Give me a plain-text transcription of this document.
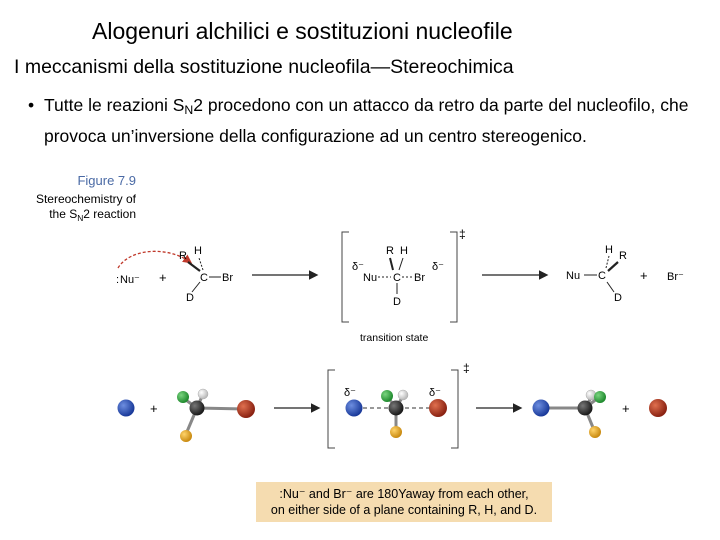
Alogenuri alchilici e sostituzioni nucleofile
I meccanismi della sostituzione nucleofila—Stereochimica
• Tutte le reazioni $S_N2$ procedono con un attacco da retro da parte del nucleofilo, che provoca un’inversione della configurazione ad un centro stereogenico.
Figure 7.9
Stereochemistry of
the $S_N2$ reaction
: Nu⁻ +
R H
C Br
D
‡
δ⁻	δ⁻
Nu
R H
C Br
D
transition state
Nu C
H R
D
+ Br⁻
+
‡
δ⁻	δ⁻
+
:Nu⁻ and Br⁻ are 180Yaway from each other,
on either side of a plane containing R, H, and D.
